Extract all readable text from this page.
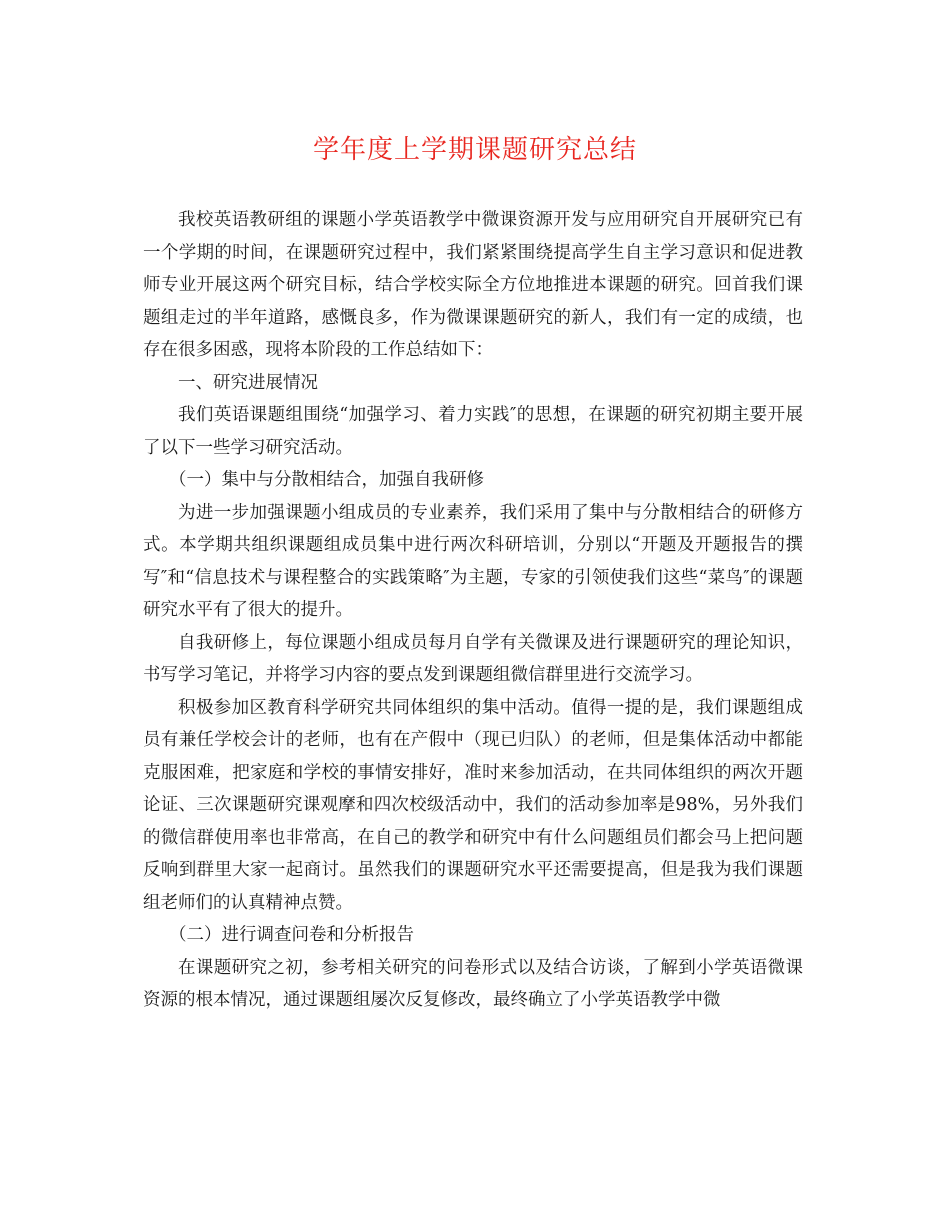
学年度上学期课题研究总结

我校英语教研组的课题小学英语教学中微课资源开发与应用研究自开展研究已有一个学期的时间，在课题研究过程中，我们紧紧围绕提高学生自主学习意识和促进教师专业开展这两个研究目标，结合学校实际全方位地推进本课题的研究。回首我们课题组走过的半年道路，感慨良多，作为微课课题研究的新人，我们有一定的成绩，也存在很多困惑，现将本阶段的工作总结如下：

一、研究进展情况

我们英语课题组围绕“加强学习、着力实践″的思想，在课题的研究初期主要开展了以下一些学习研究活动。

（一）集中与分散相结合，加强自我研修

为进一步加强课题小组成员的专业素养，我们采用了集中与分散相结合的研修方式。本学期共组织课题组成员集中进行两次科研培训，分别以“开题及开题报告的撰写″和“信息技术与课程整合的实践策略″为主题，专家的引领使我们这些“菜鸟″的课题研究水平有了很大的提升。

自我研修上，每位课题小组成员每月自学有关微课及进行课题研究的理论知识，书写学习笔记，并将学习内容的要点发到课题组微信群里进行交流学习。

积极参加区教育科学研究共同体组织的集中活动。值得一提的是，我们课题组成员有兼任学校会计的老师，也有在产假中（现已归队）的老师，但是集体活动中都能克服困难，把家庭和学校的事情安排好，准时来参加活动，在共同体组织的两次开题论证、三次课题研究课观摩和四次校级活动中，我们的活动参加率是98%，另外我们的微信群使用率也非常高，在自己的教学和研究中有什么问题组员们都会马上把问题反响到群里大家一起商讨。虽然我们的课题研究水平还需要提高，但是我为我们课题组老师们的认真精神点赞。

（二）进行调查问卷和分析报告

在课题研究之初，参考相关研究的问卷形式以及结合访谈，了解到小学英语微课资源的根本情况，通过课题组屡次反复修改，最终确立了小学英语教学中微
